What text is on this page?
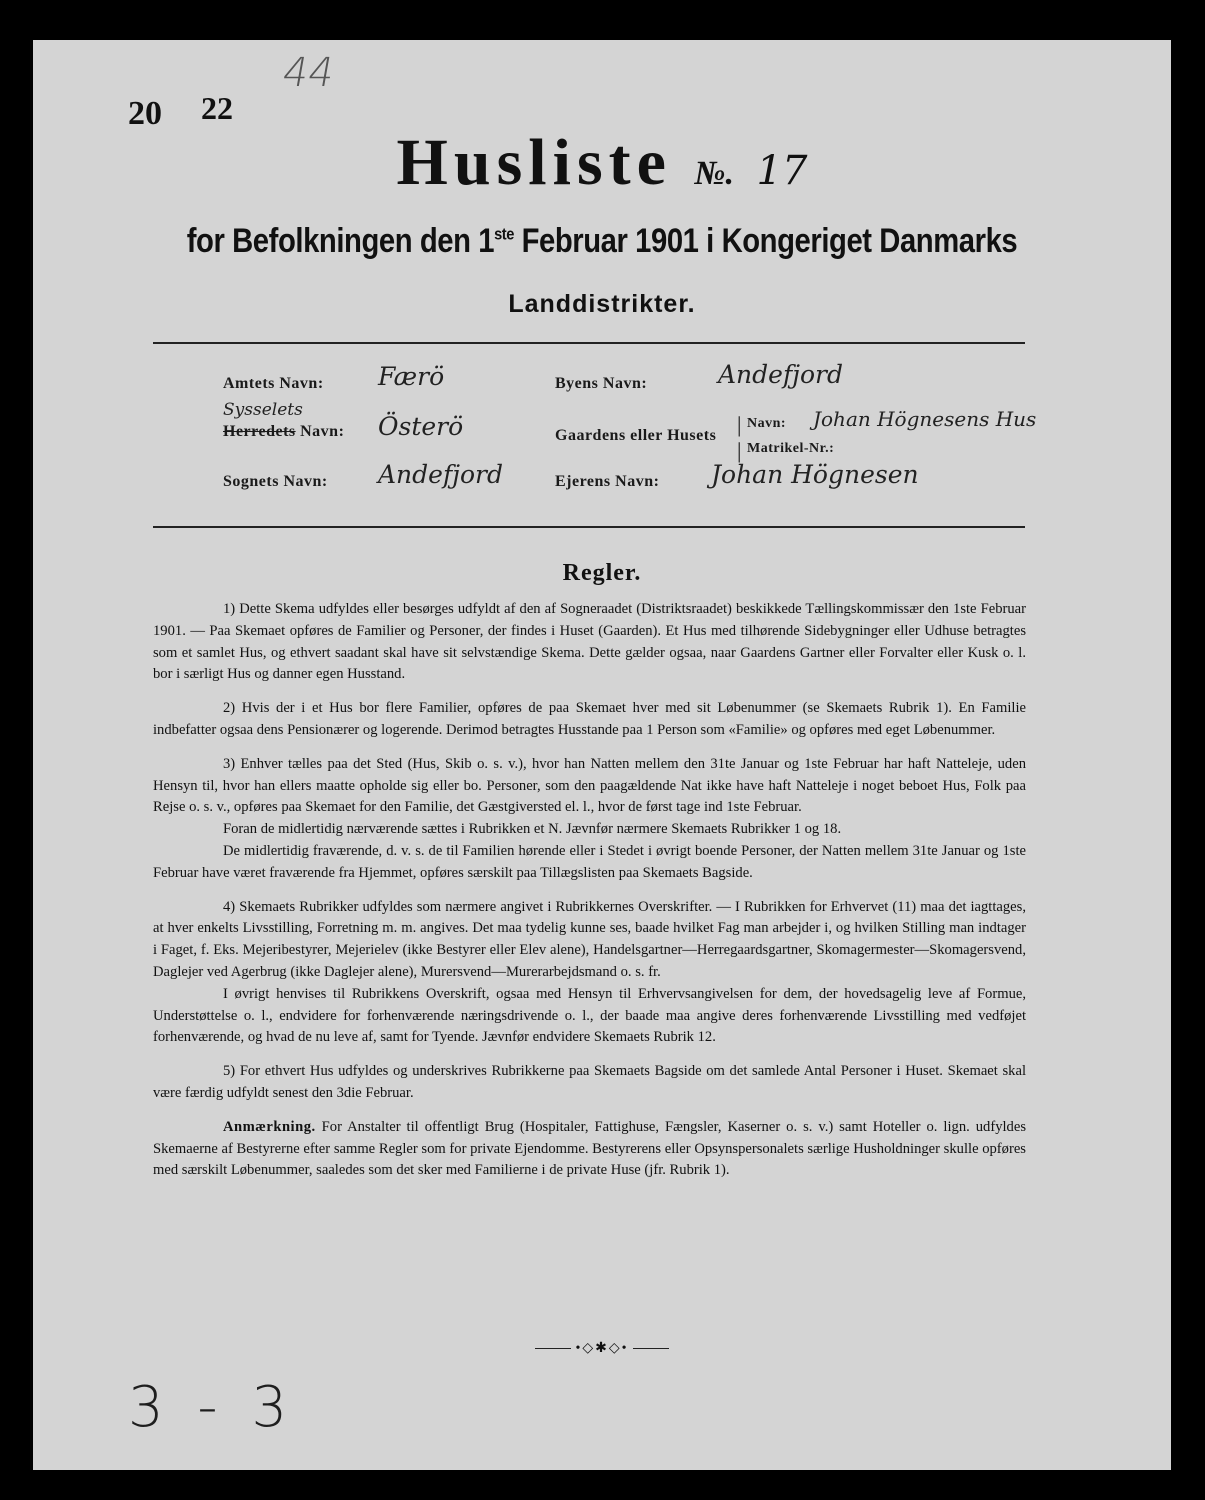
20 22
44
Husliste №. 17
for Befolkningen den 1ste Februar 1901 i Kongeriget Danmarks
Landdistrikter.
Amtets Navn: Færö
Sysselets
Herredets Navn: Österö
Sognets Navn: Andefjord
Byens Navn:	Andefjord
Gaardens eller Husets |
|
Navn: Johan Högnesens Hus
Matrikel-Nr.:
Ejerens Navn: Johan Högnesen
Regler.

1) Dette Skema udfyldes eller besørges udfyldt af den af Sogneraadet (Distriktsraadet) beskikkede Tællingskommissær den 1ste Februar 1901. — Paa Skemaet opføres de Familier og Personer, der findes i Huset (Gaarden). Et Hus med tilhørende Sidebygninger eller Udhuse betragtes som et samlet Hus, og ethvert saadant skal have sit selvstændige Skema. Dette gælder ogsaa, naar Gaardens Gartner eller Forvalter eller Kusk o. l. bor i særligt Hus og danner egen Husstand.

2) Hvis der i et Hus bor flere Familier, opføres de paa Skemaet hver med sit Løbenummer (se Skemaets Rubrik 1). En Familie indbefatter ogsaa dens Pensionærer og logerende. Derimod betragtes Husstande paa 1 Person som «Familie» og opføres med eget Løbenummer.

3) Enhver tælles paa det Sted (Hus, Skib o. s. v.), hvor han Natten mellem den 31te Januar og 1ste Februar har haft Natteleje, uden Hensyn til, hvor han ellers maatte opholde sig eller bo. Personer, som den paagældende Nat ikke have haft Natteleje i noget beboet Hus, Folk paa Rejse o. s. v., opføres paa Skemaet for den Familie, det Gæstgiversted el. l., hvor de først tage ind 1ste Februar.

Foran de midlertidig nærværende sættes i Rubrikken et N. Jævnfør nærmere Skemaets Rubrikker 1 og 18.

De midlertidig fraværende, d. v. s. de til Familien hørende eller i Stedet i øvrigt boende Personer, der Natten mellem 31te Januar og 1ste Februar have været fraværende fra Hjemmet, opføres særskilt paa Tillægslisten paa Skemaets Bagside.

4) Skemaets Rubrikker udfyldes som nærmere angivet i Rubrikkernes Overskrifter. — I Rubrikken for Erhvervet (11) maa det iagttages, at hver enkelts Livsstilling, Forretning m. m. angives. Det maa tydelig kunne ses, baade hvilket Fag man arbejder i, og hvilken Stilling man indtager i Faget, f. Eks. Mejeribestyrer, Mejerielev (ikke Bestyrer eller Elev alene), Handelsgartner—Herregaardsgartner, Skomagermester—Skomagersvend, Daglejer ved Agerbrug (ikke Daglejer alene), Murersvend—Murerarbejdsmand o. s. fr.

I øvrigt henvises til Rubrikkens Overskrift, ogsaa med Hensyn til Erhvervsangivelsen for dem, der hovedsagelig leve af Formue, Understøttelse o. l., endvidere for forhenværende næringsdrivende o. l., der baade maa angive deres forhenværende Livsstilling med vedføjet forhenværende, og hvad de nu leve af, samt for Tyende. Jævnfør endvidere Skemaets Rubrik 12.

5) For ethvert Hus udfyldes og underskrives Rubrikkerne paa Skemaets Bagside om det samlede Antal Personer i Huset. Skemaet skal være færdig udfyldt senest den 3die Februar.

Anmærkning. For Anstalter til offentligt Brug (Hospitaler, Fattighuse, Fængsler, Kaserner o. s. v.) samt Hoteller o. lign. udfyldes Skemaerne af Bestyrerne efter samme Regler som for private Ejendomme. Bestyrerens eller Opsynspersonalets særlige Husholdninger skulle opføres med særskilt Løbenummer, saaledes som det sker med Familierne i de private Huse (jfr. Rubrik 1).

•◇✱◇•
3 - 3
